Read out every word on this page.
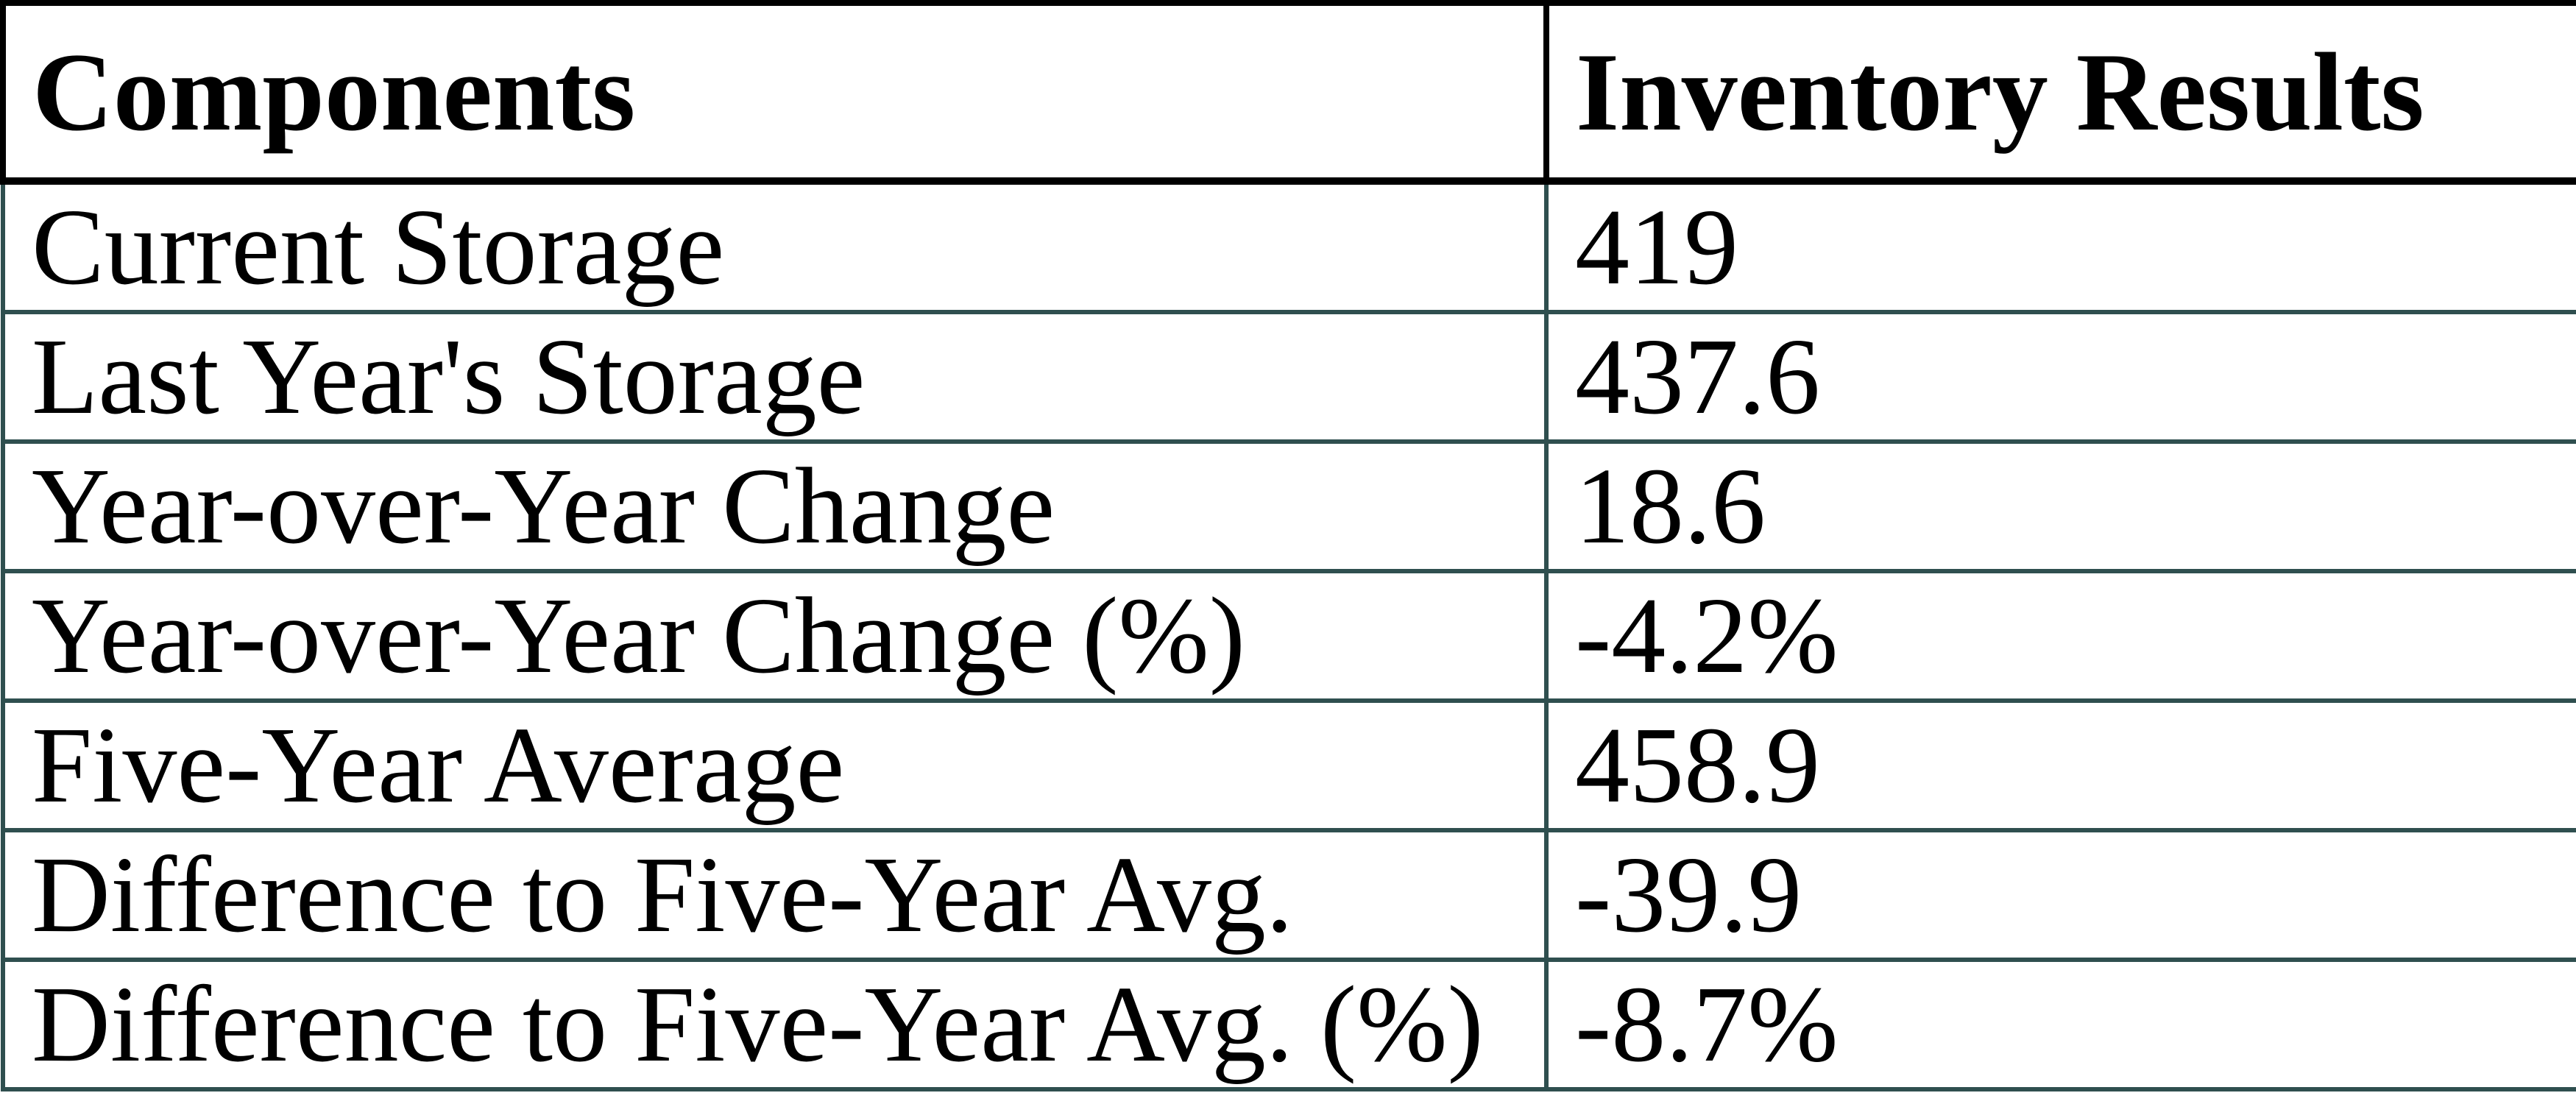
Components	Inventory Results
Current Storage	419
Last Year's Storage	437.6
Year-over-Year Change	18.6
Year-over-Year Change (%)	-4.2%
Five-Year Average	458.9
Difference to Five-Year Avg.	-39.9
Difference to Five-Year Avg. (%)	-8.7%
